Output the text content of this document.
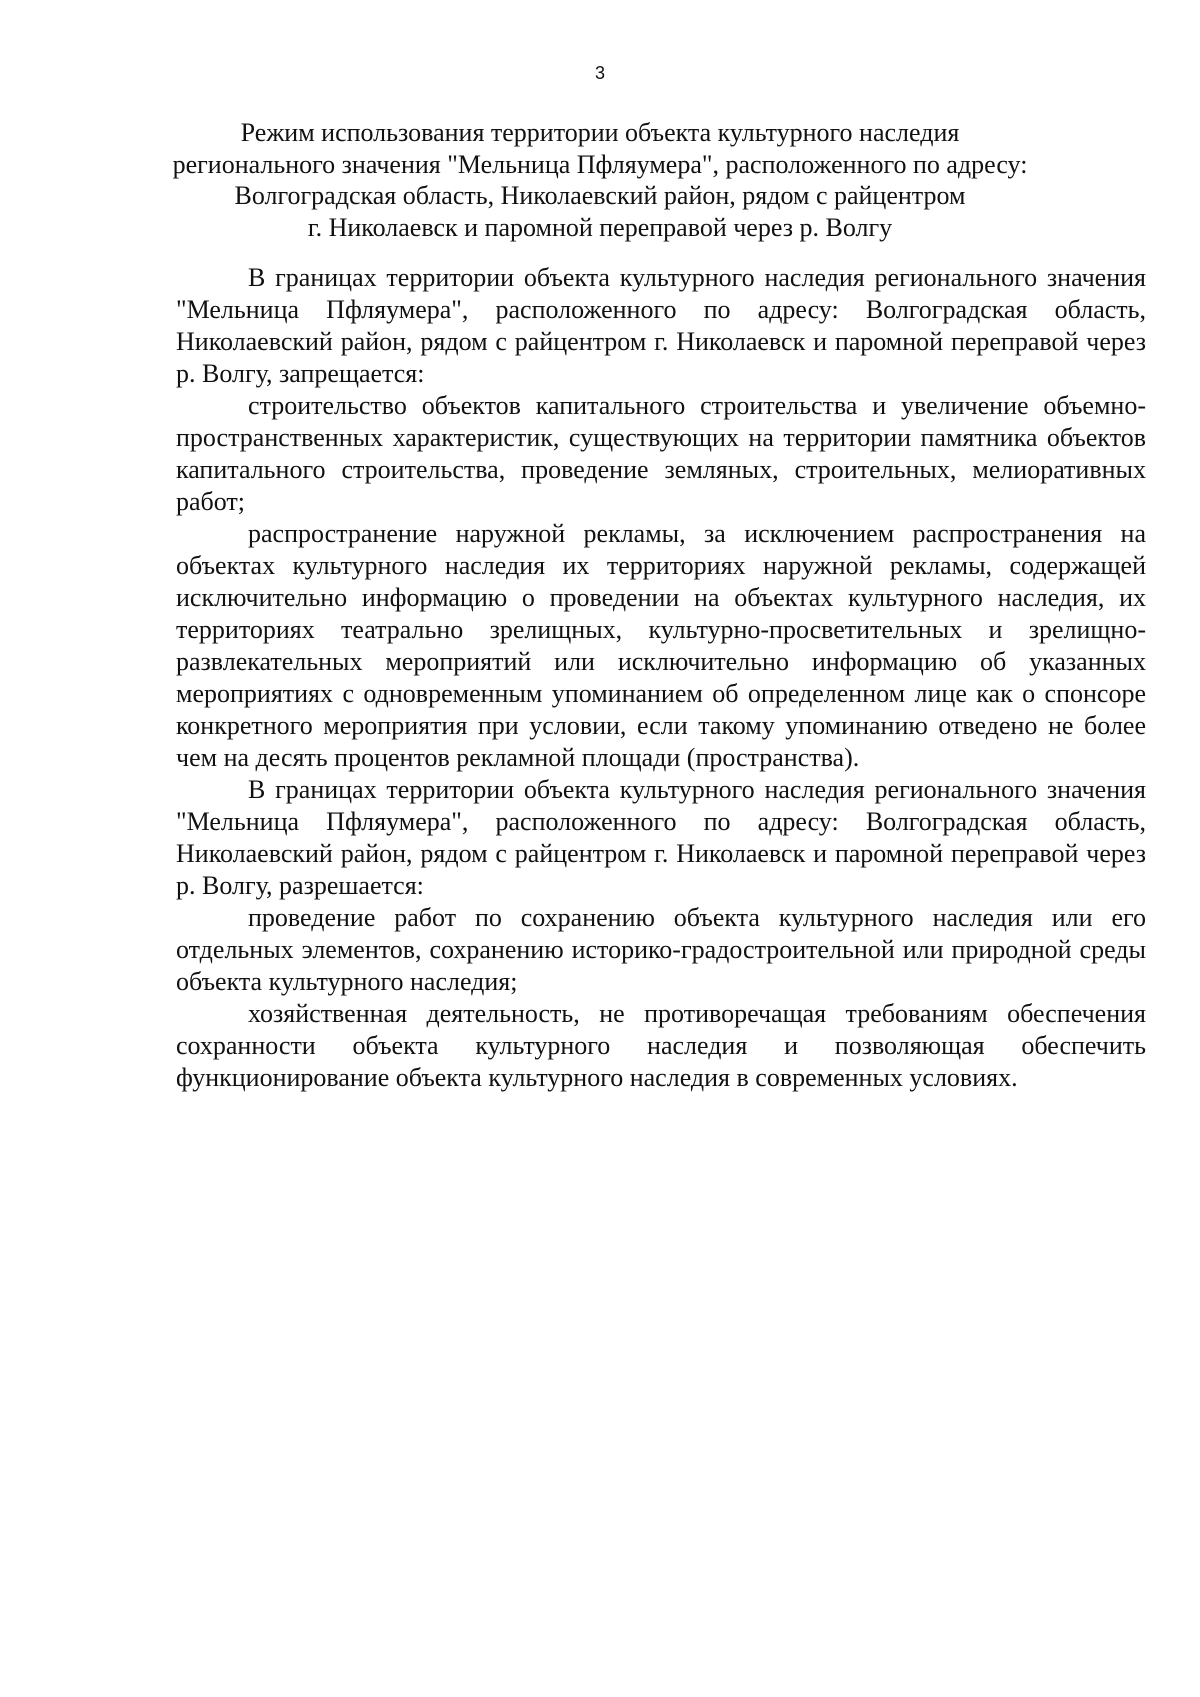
3
Режим использования территории объекта культурного наследия
регионального значения "Мельница Пфляумера", расположенного по адресу:
Волгоградская область, Николаевский район, рядом с райцентром
г. Николаевск и паромной переправой через р. Волгу

В границах территории объекта культурного наследия регионального значения "Мельница Пфляумера", расположенного по адресу: Волгоградская область, Николаевский район, рядом с райцентром г. Николаевск и паромной переправой через р. Волгу, запрещается:

строительство объектов капитального строительства и увеличение объемно-пространственных характеристик, существующих на территории памятника объектов капитального строительства, проведение земляных, строительных, мелиоративных работ;

распространение наружной рекламы, за исключением распространения на объектах культурного наследия их территориях наружной рекламы, содержащей исключительно информацию о проведении на объектах культурного наследия, их территориях театрально зрелищных, культурно-просветительных и зрелищно-развлекательных мероприятий или исключительно информацию об указанных мероприятиях с одновременным упоминанием об определенном лице как о спонсоре конкретного мероприятия при условии, если такому упоминанию отведено не более чем на десять процентов рекламной площади (пространства).

В границах территории объекта культурного наследия регионального значения "Мельница Пфляумера", расположенного по адресу: Волгоградская область, Николаевский район, рядом с райцентром г. Николаевск и паромной переправой через р. Волгу, разрешается:

проведение работ по сохранению объекта культурного наследия или его отдельных элементов, сохранению историко-градостроительной или природной среды объекта культурного наследия;

хозяйственная деятельность, не противоречащая требованиям обеспечения сохранности объекта культурного наследия и позволяющая обеспечить функционирование объекта культурного наследия в современных условиях.
